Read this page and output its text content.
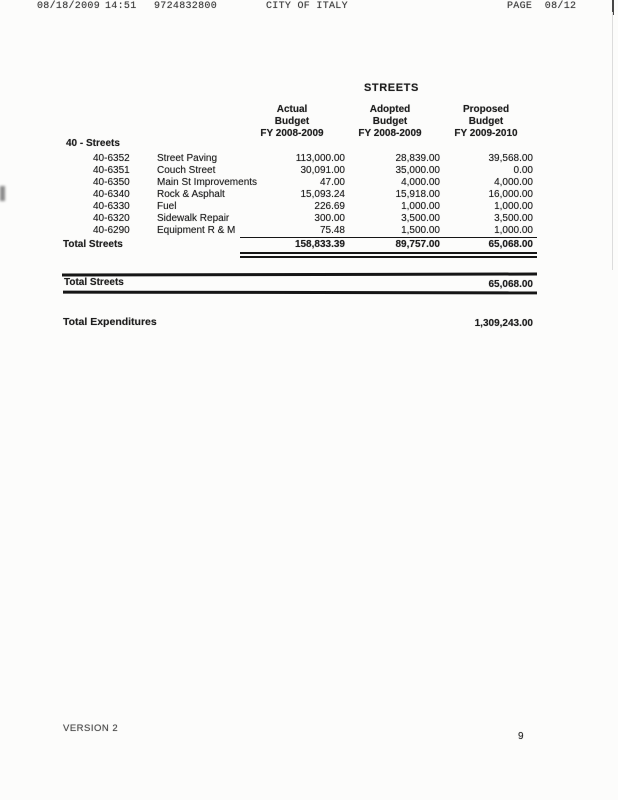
08/18/2009 14:51 9724832800	CITY OF ITALY	PAGE  08/12
STREETS
Actual
Budget
FY 2008-2009
Adopted
Budget
FY 2008-2009
Proposed
Budget
FY 2009-2010
40 - Streets
40-6352	Street Paving	113,000.00	28,839.00	39,568.00
40-6351	Couch Street	30,091.00	35,000.00	0.00
40-6350	Main St Improvements	47.00	4,000.00	4,000.00
40-6340	Rock & Asphalt	15,093.24	15,918.00	16,000.00
40-6330	Fuel	226.69	1,000.00	1,000.00
40-6320	Sidewalk Repair	300.00	3,500.00	3,500.00
40-6290	Equipment R & M	75.48	1,500.00	1,000.00
Total Streets	158,833.39	89,757.00	65,068.00
Total Streets	65,068.00
Total Expenditures	1,309,243.00
VERSION 2
9
